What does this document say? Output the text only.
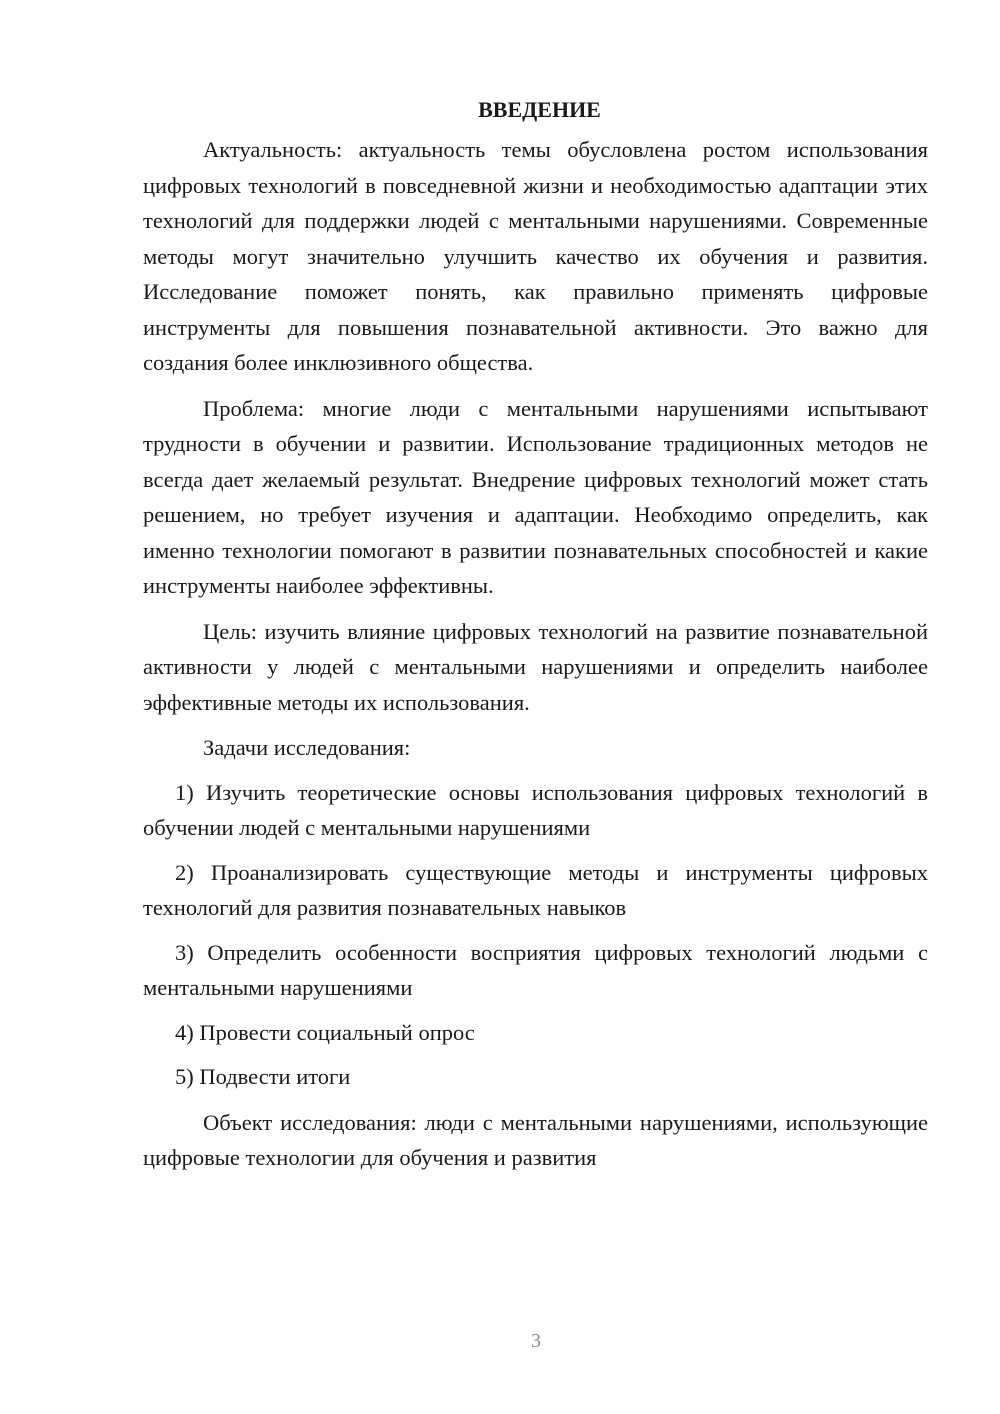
ВВЕДЕНИЕ

Актуальность: актуальность темы обусловлена ростом использования цифровых технологий в повседневной жизни и необходимостью адаптации этих технологий для поддержки людей с ментальными нарушениями. Современные методы могут значительно улучшить качество их обучения и развития. Исследование поможет понять, как правильно применять цифровые инструменты для повышения познавательной активности. Это важно для создания более инклюзивного общества.

Проблема: многие люди с ментальными нарушениями испытывают трудности в обучении и развитии. Использование традиционных методов не всегда дает желаемый результат. Внедрение цифровых технологий может стать решением, но требует изучения и адаптации. Необходимо определить, как именно технологии помогают в развитии познавательных способностей и какие инструменты наиболее эффективны.

Цель: изучить влияние цифровых технологий на развитие познавательной активности у людей с ментальными нарушениями и определить наиболее эффективные методы их использования.

Задачи исследования:

1) Изучить теоретические основы использования цифровых технологий в обучении людей с ментальными нарушениями

2) Проанализировать существующие методы и инструменты цифровых технологий для развития познавательных навыков

3) Определить особенности восприятия цифровых технологий людьми с ментальными нарушениями

4) Провести социальный опрос

5) Подвести итоги

Объект исследования: люди с ментальными нарушениями, использующие цифровые технологии для обучения и развития

3
